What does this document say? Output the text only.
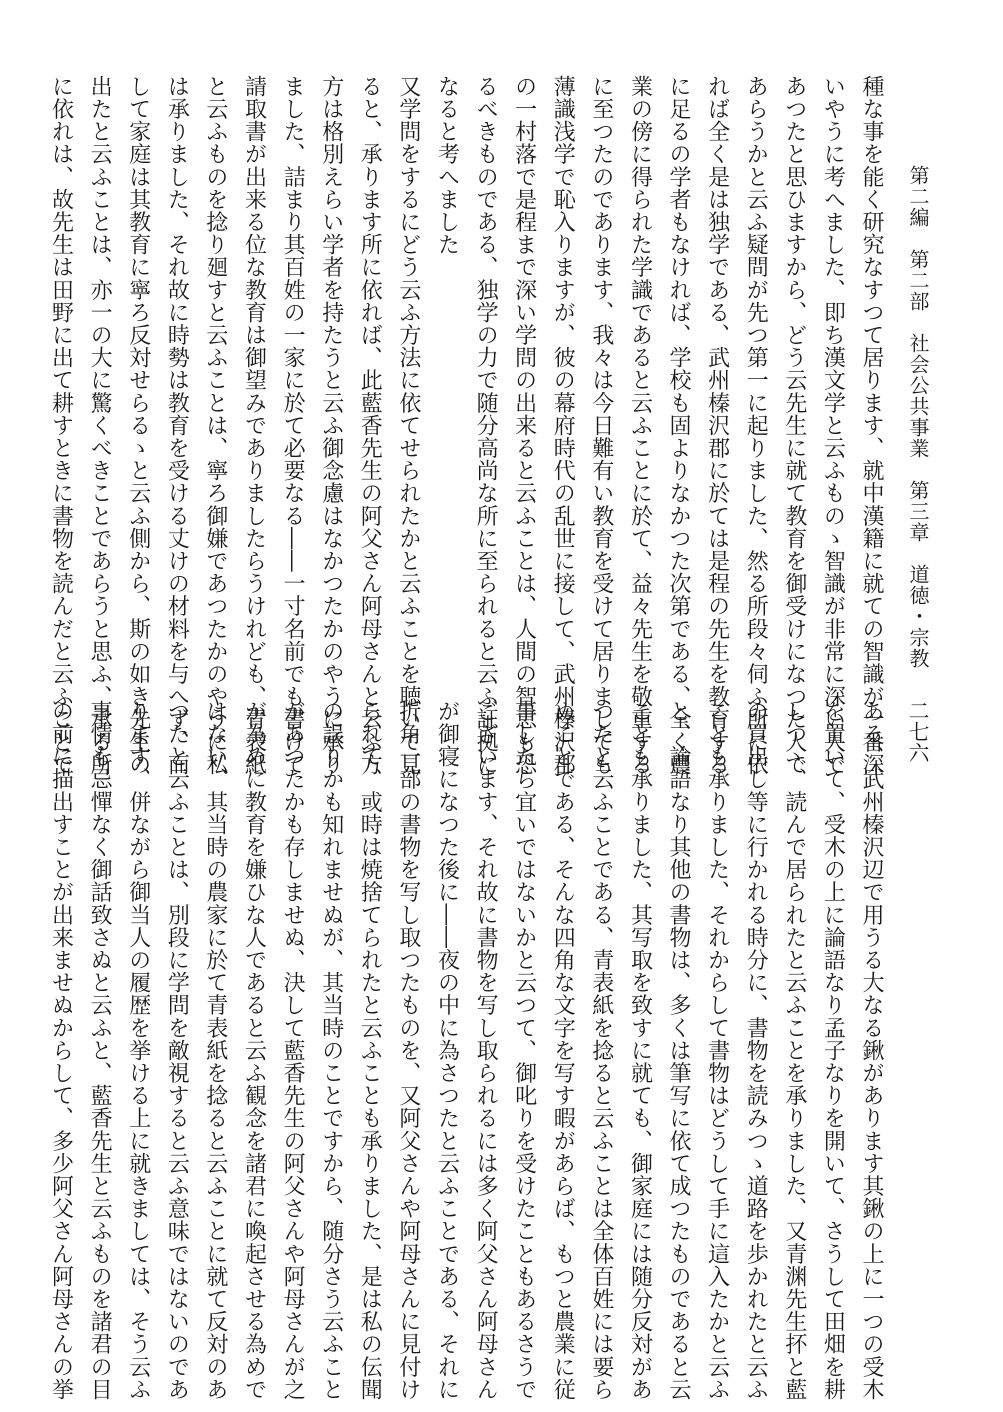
第二編　第二部　社会公共事業　第三章　道徳・宗教
二七六
種な事を能く研究なすつて居ります、就中漢籍に就ての智識が一番深
いやうに考へました、即ち漢文学と云ふものゝ智識が非常に深い人で
あつたと思ひますから、どう云先生に就て教育を御受けになつた人で
あらうかと云ふ疑問が先つ第一に起りました、然る所段々伺ふ所に依
れば全く是は独学である、武州榛沢郡に於ては是程の先生を教育する
に足るの学者もなければ、学校も固よりなかつた次第である、全く農
業の傍に得られた学識であると云ふことに於て、益々先生を敬重する
に至つたのであります、我々は今日難有い教育を受けて居りましても
薄識浅学で恥入りますが、彼の幕府時代の乱世に接して、武州榛沢郡
の一村落で是程まで深い学問の出来ると云ふことは、人間の智恵も恐
るべきものである、独学の力で随分高尚な所に至られると云ふ証拠に
なると考へました
又学問をするにどう云ふ方法に依てせられたかと云ふことを聴いて見
ると、承ります所に依れば、此藍香先生の阿父さん阿母さんと云ふ方
方は格別えらい学者を持たうと云ふ御念慮はなかつたかのやうに承り
ました、詰まり其百姓の一家に於て必要なる――一寸名前でも書けて
請取書が出来る位な教育は御望みでありましたらうけれども、青表紙
と云ふものを捻り廻すと云ふことは、寧ろ御嫌であつたかのやうに私
は承りました、それ故に時勢は教育を受ける丈けの材料を与へず、而
して家庭は其教育に寧ろ反対せらるゝと云ふ側から、斯の如き先生の
出たと云ふことは、亦一の大に驚くべきことであらうと思ふ、承る所
に依れは、故先生は田野に出て耕すときに書物を読んだと云ふことで
ある、武州榛沢辺で用うる大なる鍬があります其鍬の上に一つの受木
を置いて、受木の上に論語なり孟子なりを開いて、さうして田畑を耕
しつゝ、読んで居られたと云ふことを承りました、又青渊先生抔と藍
の買出し等に行かれる時分に、書物を読みつゝ道路を歩かれたと云ふ
ことも承りました、それからして書物はどうして手に這入たかと云ふ
と、論語なり其他の書物は、多くは筆写に依て成つたものであると云
ことも承りました、其写取を致すに就ても、御家庭には随分反対があ
つたと云ふことである、青表紙を捻ると云ふことは全体百姓には要ら
ぬことである、そんな四角な文字を写す暇があらば、もつと農業に従
事したら宜いではないかと云つて、御叱りを受けたこともあるさうで
ございます、それ故に書物を写し取られるには多く阿父さん阿母さん
が御寝になつた後に――夜の中に為さつたと云ふことである、それに
折角一部の書物を写し取つたものを、又阿父さんや阿母さんに見付け
られて、或時は焼捨てられたと云ふことも承りました、是は私の伝聞
の誤りかも知れませぬが、其当時のことですから、随分さう云ふこと
があつたかも存しませぬ、決して藍香先生の阿父さんや阿母さんが之
が為めに教育を嫌ひな人であると云ふ観念を諸君に喚起させる為めで
はない、其当時の農家に於て青表紙を捻ると云ふことに就て反対のあ
つたと云ふことは、別段に学問を敵視すると云ふ意味ではないのであ
ります、併ながら御当人の履歴を挙ける上に就きましては、そう云ふ
事情も忌憚なく御話致さぬと云ふと、藍香先生と云ふものを諸君の目
の前に描出すことが出来ませぬからして、多少阿父さん阿母さんの挙
